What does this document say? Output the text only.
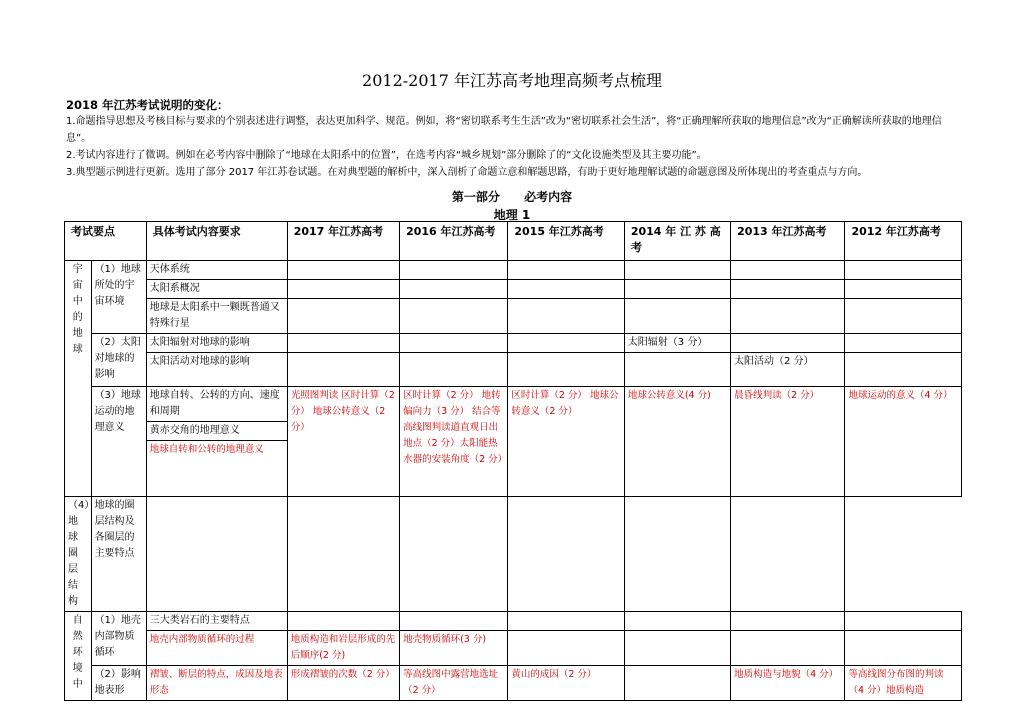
2012-2017 年江苏高考地理高频考点梳理
2018 年江苏考试说明的变化：

1.命题指导思想及考核目标与要求的个别表述进行调整，表达更加科学、规范。例如，将“密切联系考生生活”改为“密切联系社会生活”，将“正确理解所获取的地理信息”改为“正确解读所获取的地理信息”。

2.考试内容进行了微调。例如在必考内容中删除了“地球在太阳系中的位置”，在选考内容“城乡规划”部分删除了的“文化设施类型及其主要功能”。

3.典型题示例进行更新。选用了部分 2017 年江苏卷试题。在对典型题的解析中，深入剖析了命题立意和解题思路，有助于更好地理解试题的命题意图及所体现出的考查重点与方向。

第一部分 必考内容
地理 1
考试要点		具体考试内容要求	2017 年江苏高考	2016 年江苏高考	2015 年江苏高考	2014 年 江 苏 高 考	2013 年江苏高考	2012 年江苏高考
宇宙中的地球	（1）地球所处的宇宙环境	天体系统						
		太阳系概况						
		地球是太阳系中一颗既普通又特殊行星						
	（2）太阳对地球的影响	太阳辐射对地球的影响				太阳辐射（3 分）		
		太阳活动对地球的影响					太阳活动（2 分）	
	（3）地球运动的地理意义	地球自转、公转的方向、速度和周期	光照图判读 区时计算（2 分） 地球公转意义（2 分）	区时计算（2 分） 地转偏向力（3 分） 结合等高线图判读道直观日出地点（2 分）太阳能热水器的安装角度（2 分）	区时计算（2 分） 地球公转意义（2 分）	地球公转意义(4 分)	晨昏线判读（2 分）	地球运动的意义（4 分）
		黄赤交角的地理意义						
		地球自转和公转的地理意义						
（4）地球圈层结构	地球的圈层结构及各圈层的主要特点							
自然环境中	（1）地壳内部物质循环	三大类岩石的主要特点						
		地壳内部物质循环的过程	地质构造和岩层形成的先后顺序(2 分)	地壳物质循环(3 分)				
	（2）影响地表形	褶皱、断层的特点，成因及地表形态	形成褶皱的次数（2 分）	等高线图中露营地选址（2 分）	黄山的成因（2 分）		地质构造与地貌（4 分）	等高线图分布图的判读（4 分）地质构造
